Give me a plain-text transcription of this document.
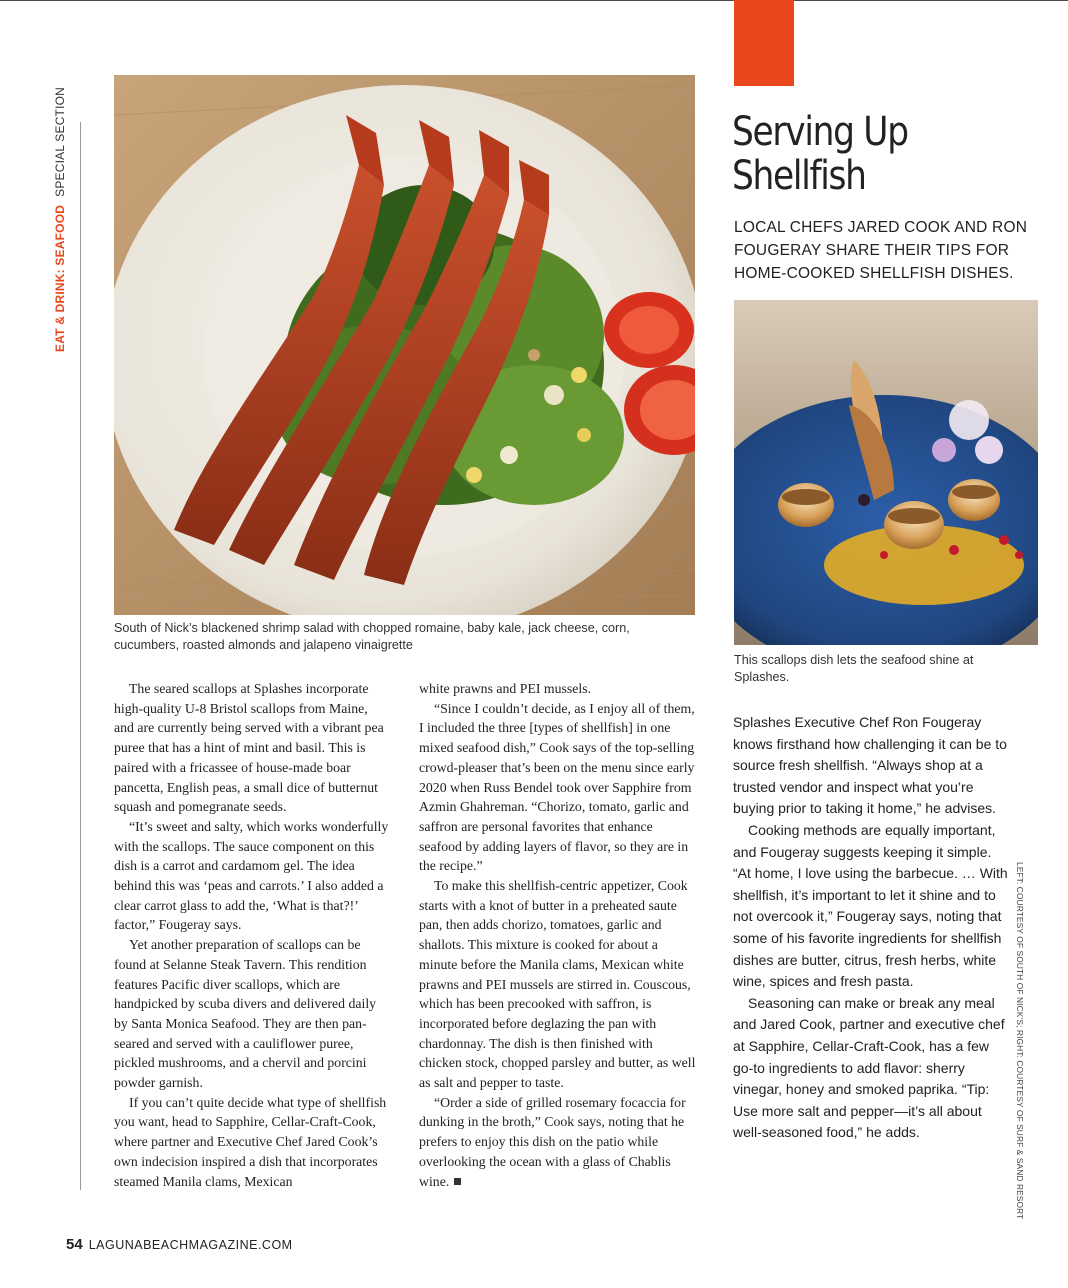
EAT & DRINK: SEAFOODSPECIAL SECTION
South of Nick’s blackened shrimp salad with chopped romaine, baby kale, jack cheese, corn, cucumbers, roasted almonds and jalapeno vinaigrette
Serving Up
Shellfish
LOCAL CHEFS JARED COOK AND RON FOUGERAY SHARE THEIR TIPS FOR HOME-COOKED SHELLFISH DISHES.
This scallops dish lets the seafood shine at Splashes.

The seared scallops at Splashes incorporate high-quality U-8 Bristol scallops from Maine, and are currently being served with a vibrant pea puree that has a hint of mint and basil. This is paired with a fricassee of house-made boar pancetta, English peas, a small dice of butternut squash and pomegranate seeds.

“It’s sweet and salty, which works wonderfully with the scallops. The sauce component on this dish is a carrot and cardamom gel. The idea behind this was ‘peas and carrots.’ I also added a clear carrot glass to add the, ‘What is that?!’ factor,” Fougeray says.

Yet another preparation of scallops can be found at Selanne Steak Tavern. This rendition features Pacific diver scallops, which are handpicked by scuba divers and delivered daily by Santa Monica Seafood. They are then pan-seared and served with a cauliflower puree, pickled mushrooms, and a chervil and porcini powder garnish.

If you can’t quite decide what type of shellfish you want, head to Sapphire, Cellar-Craft-Cook, where partner and Executive Chef Jared Cook’s own indecision inspired a dish that incorporates steamed Manila clams, Mexican

white prawns and PEI mussels.

“Since I couldn’t decide, as I enjoy all of them, I included the three [types of shellfish] in one mixed seafood dish,” Cook says of the top-selling crowd-pleaser that’s been on the menu since early 2020 when Russ Bendel took over Sapphire from Azmin Ghahreman. “Chorizo, tomato, garlic and saffron are personal favorites that enhance seafood by adding layers of flavor, so they are in the recipe.”

To make this shellfish-centric appetizer, Cook starts with a knot of butter in a preheated saute pan, then adds chorizo, tomatoes, garlic and shallots. This mixture is cooked for about a minute before the Manila clams, Mexican white prawns and PEI mussels are stirred in. Couscous, which has been precooked with saffron, is incorporated before deglazing the pan with chardonnay. The dish is then finished with chicken stock, chopped parsley and butter, as well as salt and pepper to taste.

“Order a side of grilled rosemary focaccia for dunking in the broth,” Cook says, noting that he prefers to enjoy this dish on the patio while overlooking the ocean with a glass of Chablis wine.

Splashes Executive Chef Ron Fougeray knows firsthand how challenging it can be to source fresh shellfish. “Always shop at a trusted vendor and inspect what you’re buying prior to taking it home,” he advises.

Cooking methods are equally important, and Fougeray suggests keeping it simple. “At home, I love using the barbecue. … With shellfish, it’s important to let it shine and to not overcook it,” Fougeray says, noting that some of his favorite ingredients for shellfish dishes are butter, citrus, fresh herbs, white wine, spices and fresh pasta.

Seasoning can make or break any meal and Jared Cook, partner and executive chef at Sapphire, Cellar-Craft-Cook, has a few go-to ingredients to add flavor: sherry vinegar, honey and smoked paprika. “Tip: Use more salt and pepper—it’s all about well-seasoned food,” he adds.	LEFT: COURTESY OF SOUTH OF NICK’S; RIGHT: COURTESY OF SURF & SAND RESORT
54 LAGUNABEACHMAGAZINE.COM
